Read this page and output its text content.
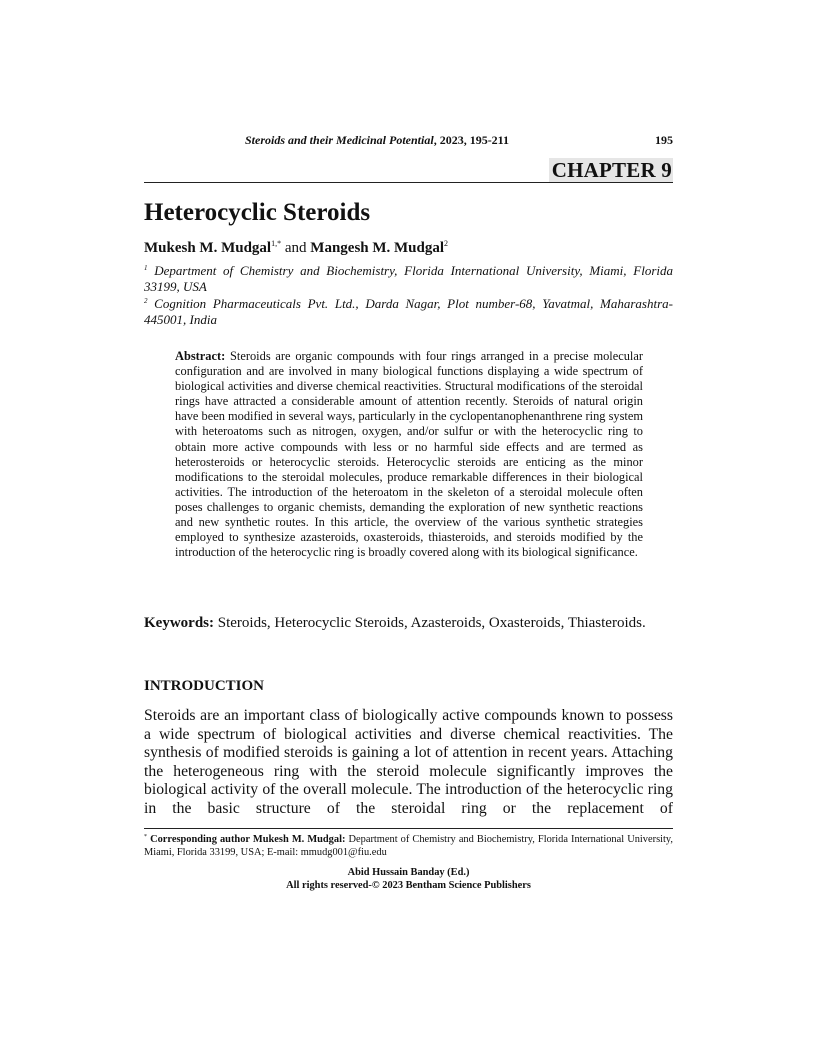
Steroids and their Medicinal Potential, 2023, 195-211	195
CHAPTER 9
Heterocyclic Steroids
Mukesh M. Mudgal$^{1,*}$ and Mangesh M. Mudgal$^2$
$^1$ Department of Chemistry and Biochemistry, Florida International University, Miami, Florida 33199, USA
$^2$ Cognition Pharmaceuticals Pvt. Ltd., Darda Nagar, Plot number-68, Yavatmal, Maharashtra-445001, India
Abstract: Steroids are organic compounds with four rings arranged in a precise molecular configuration and are involved in many biological functions displaying a wide spectrum of biological activities and diverse chemical reactivities. Structural modifications of the steroidal rings have attracted a considerable amount of attention recently. Steroids of natural origin have been modified in several ways, particularly in the cyclopentanophenanthrene ring system with heteroatoms such as nitrogen, oxygen, and/or sulfur or with the heterocyclic ring to obtain more active compounds with less or no harmful side effects and are termed as heterosteroids or heterocyclic steroids. Heterocyclic steroids are enticing as the minor modifications to the steroidal molecules, produce remarkable differences in their biological activities. The introduction of the heteroatom in the skeleton of a steroidal molecule often poses challenges to organic chemists, demanding the exploration of new synthetic reactions and new synthetic routes. In this article, the overview of the various synthetic strategies employed to synthesize azasteroids, oxasteroids, thiasteroids, and steroids modified by the introduction of the heterocyclic ring is broadly covered along with its biological significance.
Keywords: Steroids, Heterocyclic Steroids, Azasteroids, Oxasteroids, Thiasteroids.
INTRODUCTION

Steroids are an important class of biologically active compounds known to possess a wide spectrum of biological activities and diverse chemical reactivities. The synthesis of modified steroids is gaining a lot of attention in recent years. Attaching the heterogeneous ring with the steroid molecule significantly improves the biological activity of the overall molecule. The introduction of the heterocyclic ring in the basic structure of the steroidal ring or the replacement of

* Corresponding author Mukesh M. Mudgal: Department of Chemistry and Biochemistry, Florida International University, Miami, Florida 33199, USA; E-mail: mmudg001@fiu.edu
Abid Hussain Banday (Ed.)
All rights reserved-© 2023 Bentham Science Publishers
